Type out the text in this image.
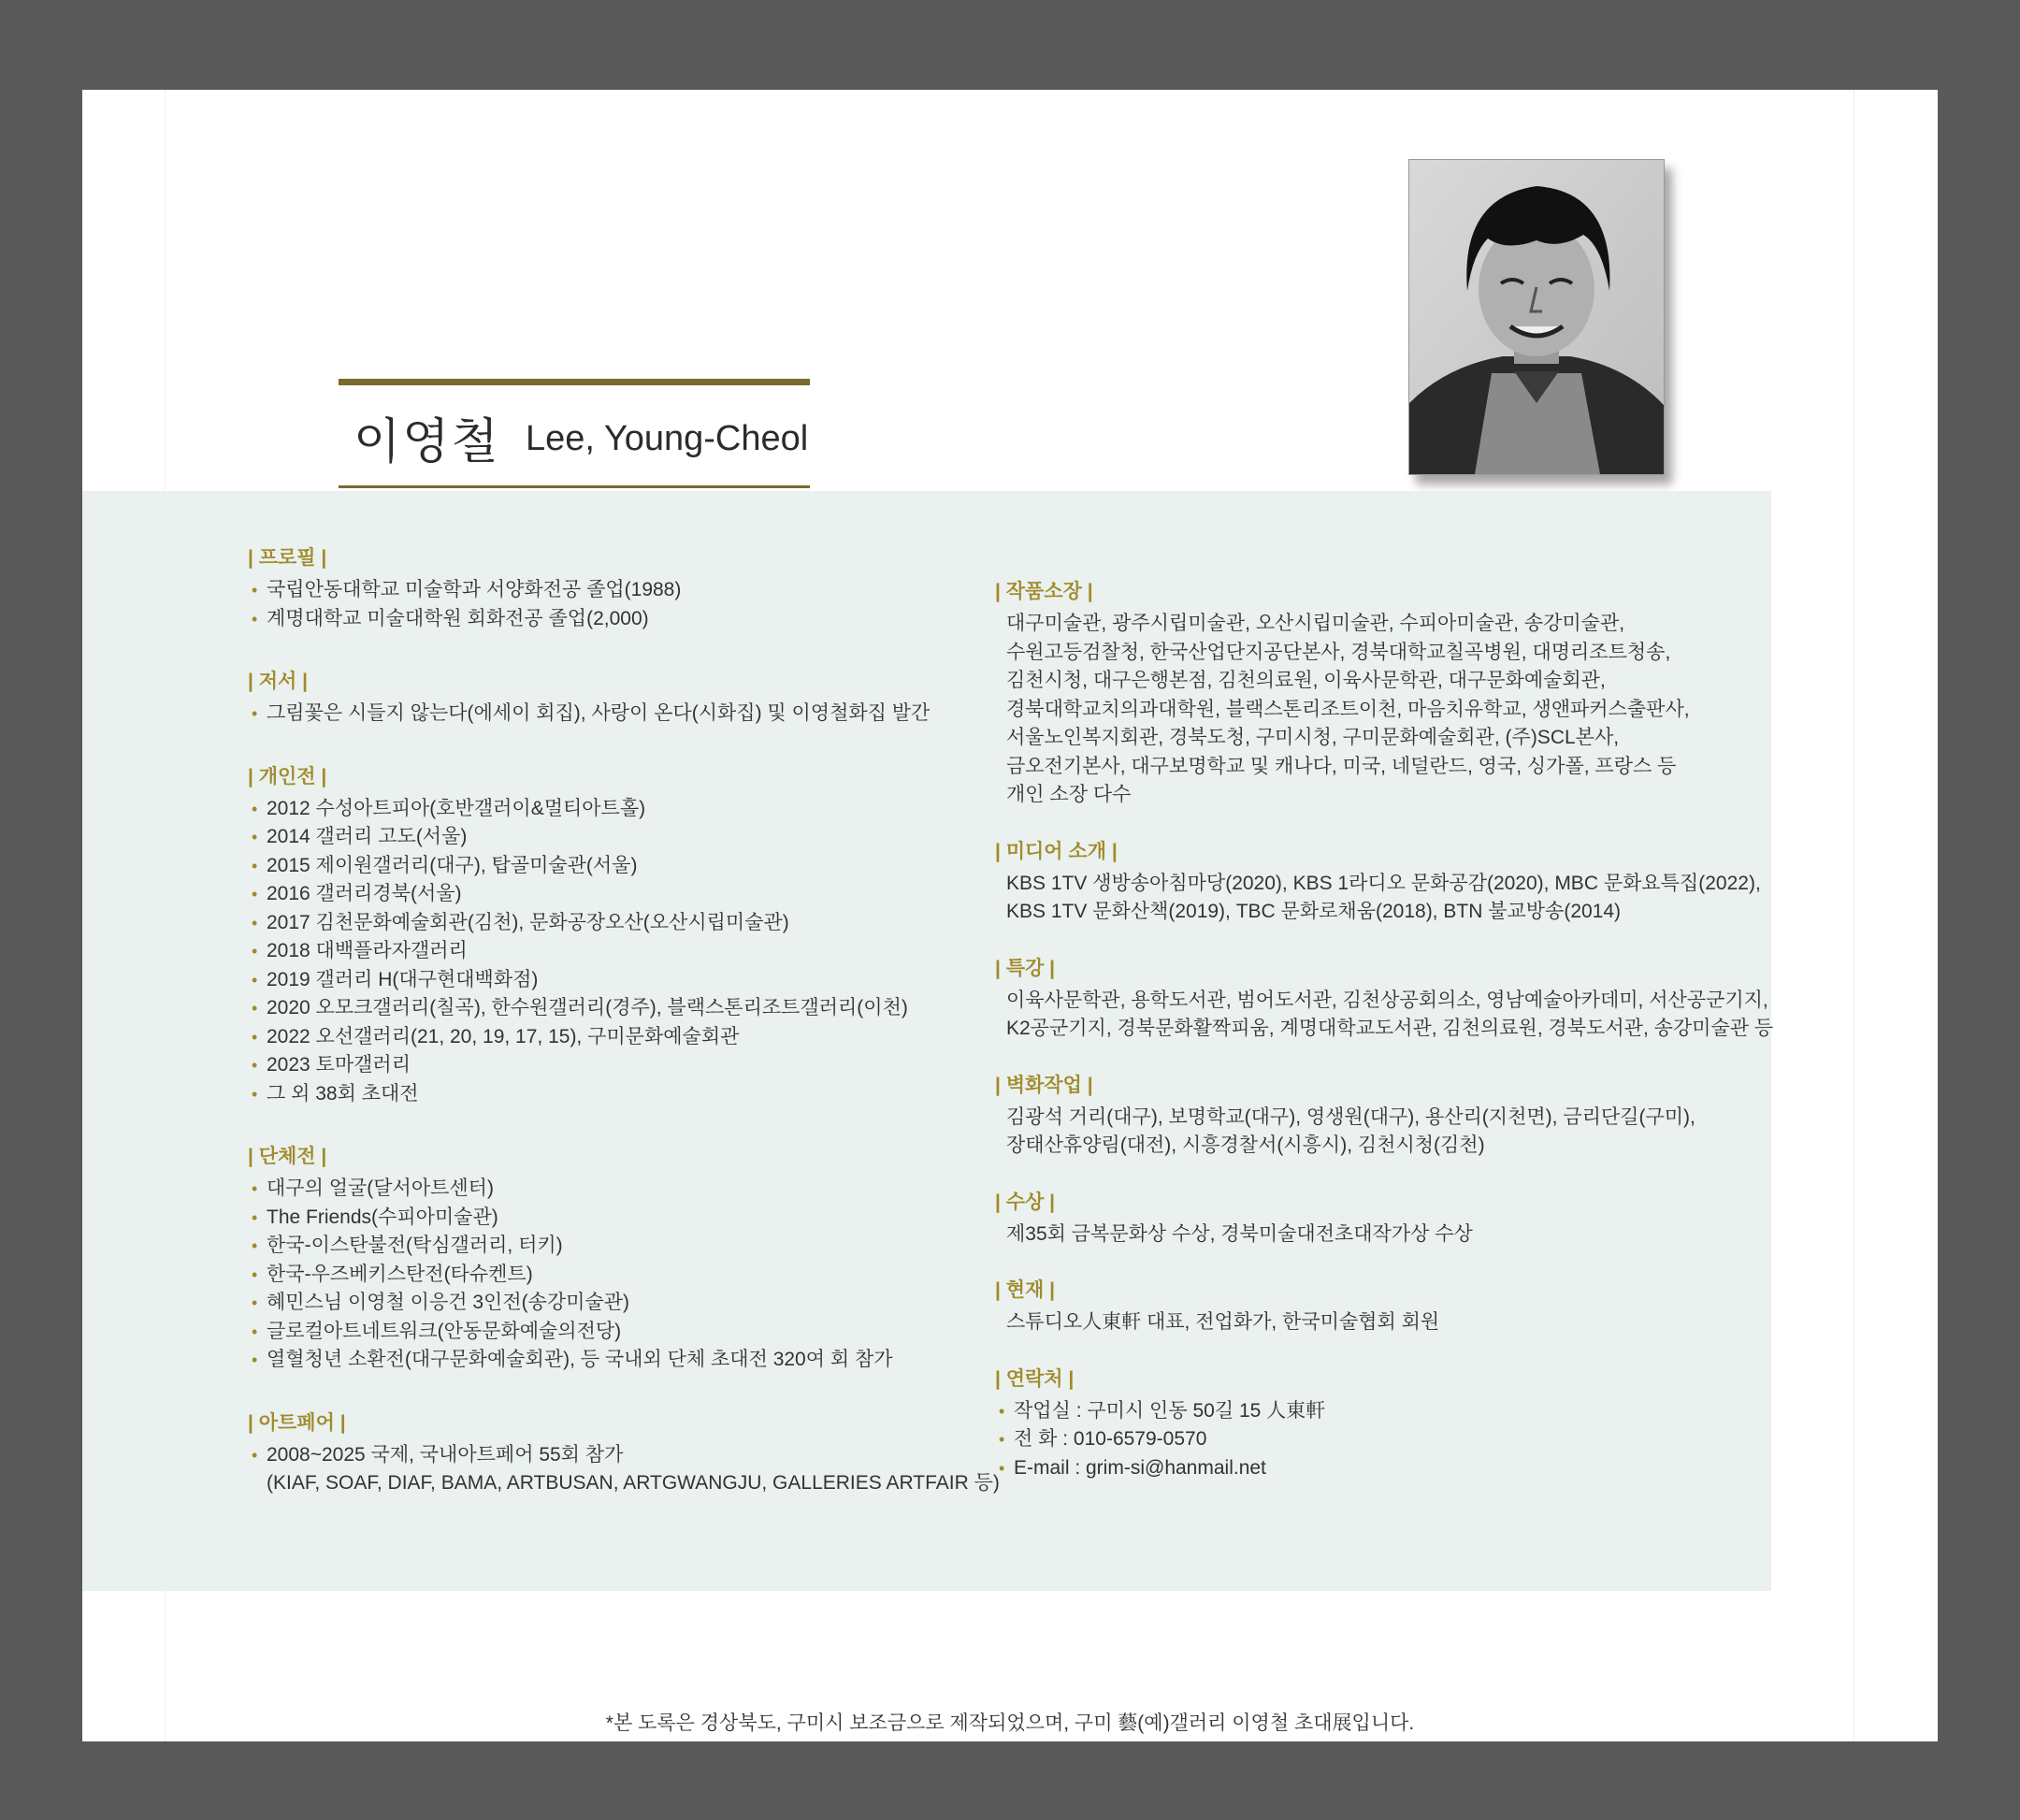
이영철 Lee, Young-Cheol
| 프로필 |
• 국립안동대학교 미술학과 서양화전공 졸업(1988)
• 계명대학교 미술대학원 회화전공 졸업(2,000)
| 저서 |
• 그림꽃은 시들지 않는다(에세이 회집), 사랑이 온다(시화집) 및 이영철화집 발간
| 개인전 |
• 2012 수성아트피아(호반갤러이&멀티아트홀)
• 2014 갤러리 고도(서울)
• 2015 제이원갤러리(대구), 탑골미술관(서울)
• 2016 갤러리경북(서울)
• 2017 김천문화예술회관(김천), 문화공장오산(오산시립미술관)
• 2018 대백플라자갤러리
• 2019 갤러리 H(대구현대백화점)
• 2020 오모크갤러리(칠곡), 한수원갤러리(경주), 블랙스톤리조트갤러리(이천)
• 2022 오선갤러리(21, 20, 19, 17, 15), 구미문화예술회관
• 2023 토마갤러리
• 그 외 38회 초대전
| 단체전 |
• 대구의 얼굴(달서아트센터)
• The Friends(수피아미술관)
• 한국-이스탄불전(탁심갤러리, 터키)
• 한국-우즈베키스탄전(타슈켄트)
• 혜민스님 이영철 이응건 3인전(송강미술관)
• 글로컬아트네트워크(안동문화예술의전당)
• 열혈청년 소환전(대구문화예술회관), 등 국내외 단체 초대전 320여 회 참가
| 아트페어 |
• 2008~2025 국제, 국내아트페어 55회 참가
(KIAF, SOAF, DIAF, BAMA, ARTBUSAN, ARTGWANGJU, GALLERIES ARTFAIR 등)
| 작품소장 |
대구미술관, 광주시립미술관, 오산시립미술관, 수피아미술관, 송강미술관,
수원고등검찰청, 한국산업단지공단본사, 경북대학교칠곡병원, 대명리조트청송,
김천시청, 대구은행본점, 김천의료원, 이육사문학관, 대구문화예술회관,
경북대학교치의과대학원, 블랙스톤리조트이천, 마음치유학교, 생앤파커스출판사,
서울노인복지회관, 경북도청, 구미시청, 구미문화예술회관, (주)SCL본사,
금오전기본사, 대구보명학교 및 캐나다, 미국, 네덜란드, 영국, 싱가폴, 프랑스 등
개인 소장 다수
| 미디어 소개 |
KBS 1TV 생방송아침마당(2020), KBS 1라디오 문화공감(2020), MBC 문화요특집(2022),
KBS 1TV 문화산책(2019), TBC 문화로채움(2018), BTN 불교방송(2014)
| 특강 |
이육사문학관, 용학도서관, 범어도서관, 김천상공회의소, 영남예술아카데미, 서산공군기지,
K2공군기지, 경북문화활짝피움, 계명대학교도서관, 김천의료원, 경북도서관, 송강미술관 등
| 벽화작업 |
김광석 거리(대구), 보명학교(대구), 영생원(대구), 용산리(지천면), 금리단길(구미),
장태산휴양림(대전), 시흥경찰서(시흥시), 김천시청(김천)
| 수상 |
제35회 금복문화상 수상, 경북미술대전초대작가상 수상
| 현재 |
스튜디오人東軒 대표, 전업화가, 한국미술협회 회원
| 연락처 |
• 작업실 : 구미시 인동 50길 15 人東軒
• 전 화 : 010-6579-0570
• E-mail : grim-si@hanmail.net
*본 도록은 경상북도, 구미시 보조금으로 제작되었으며, 구미 藝(예)갤러리 이영철 초대展입니다.
